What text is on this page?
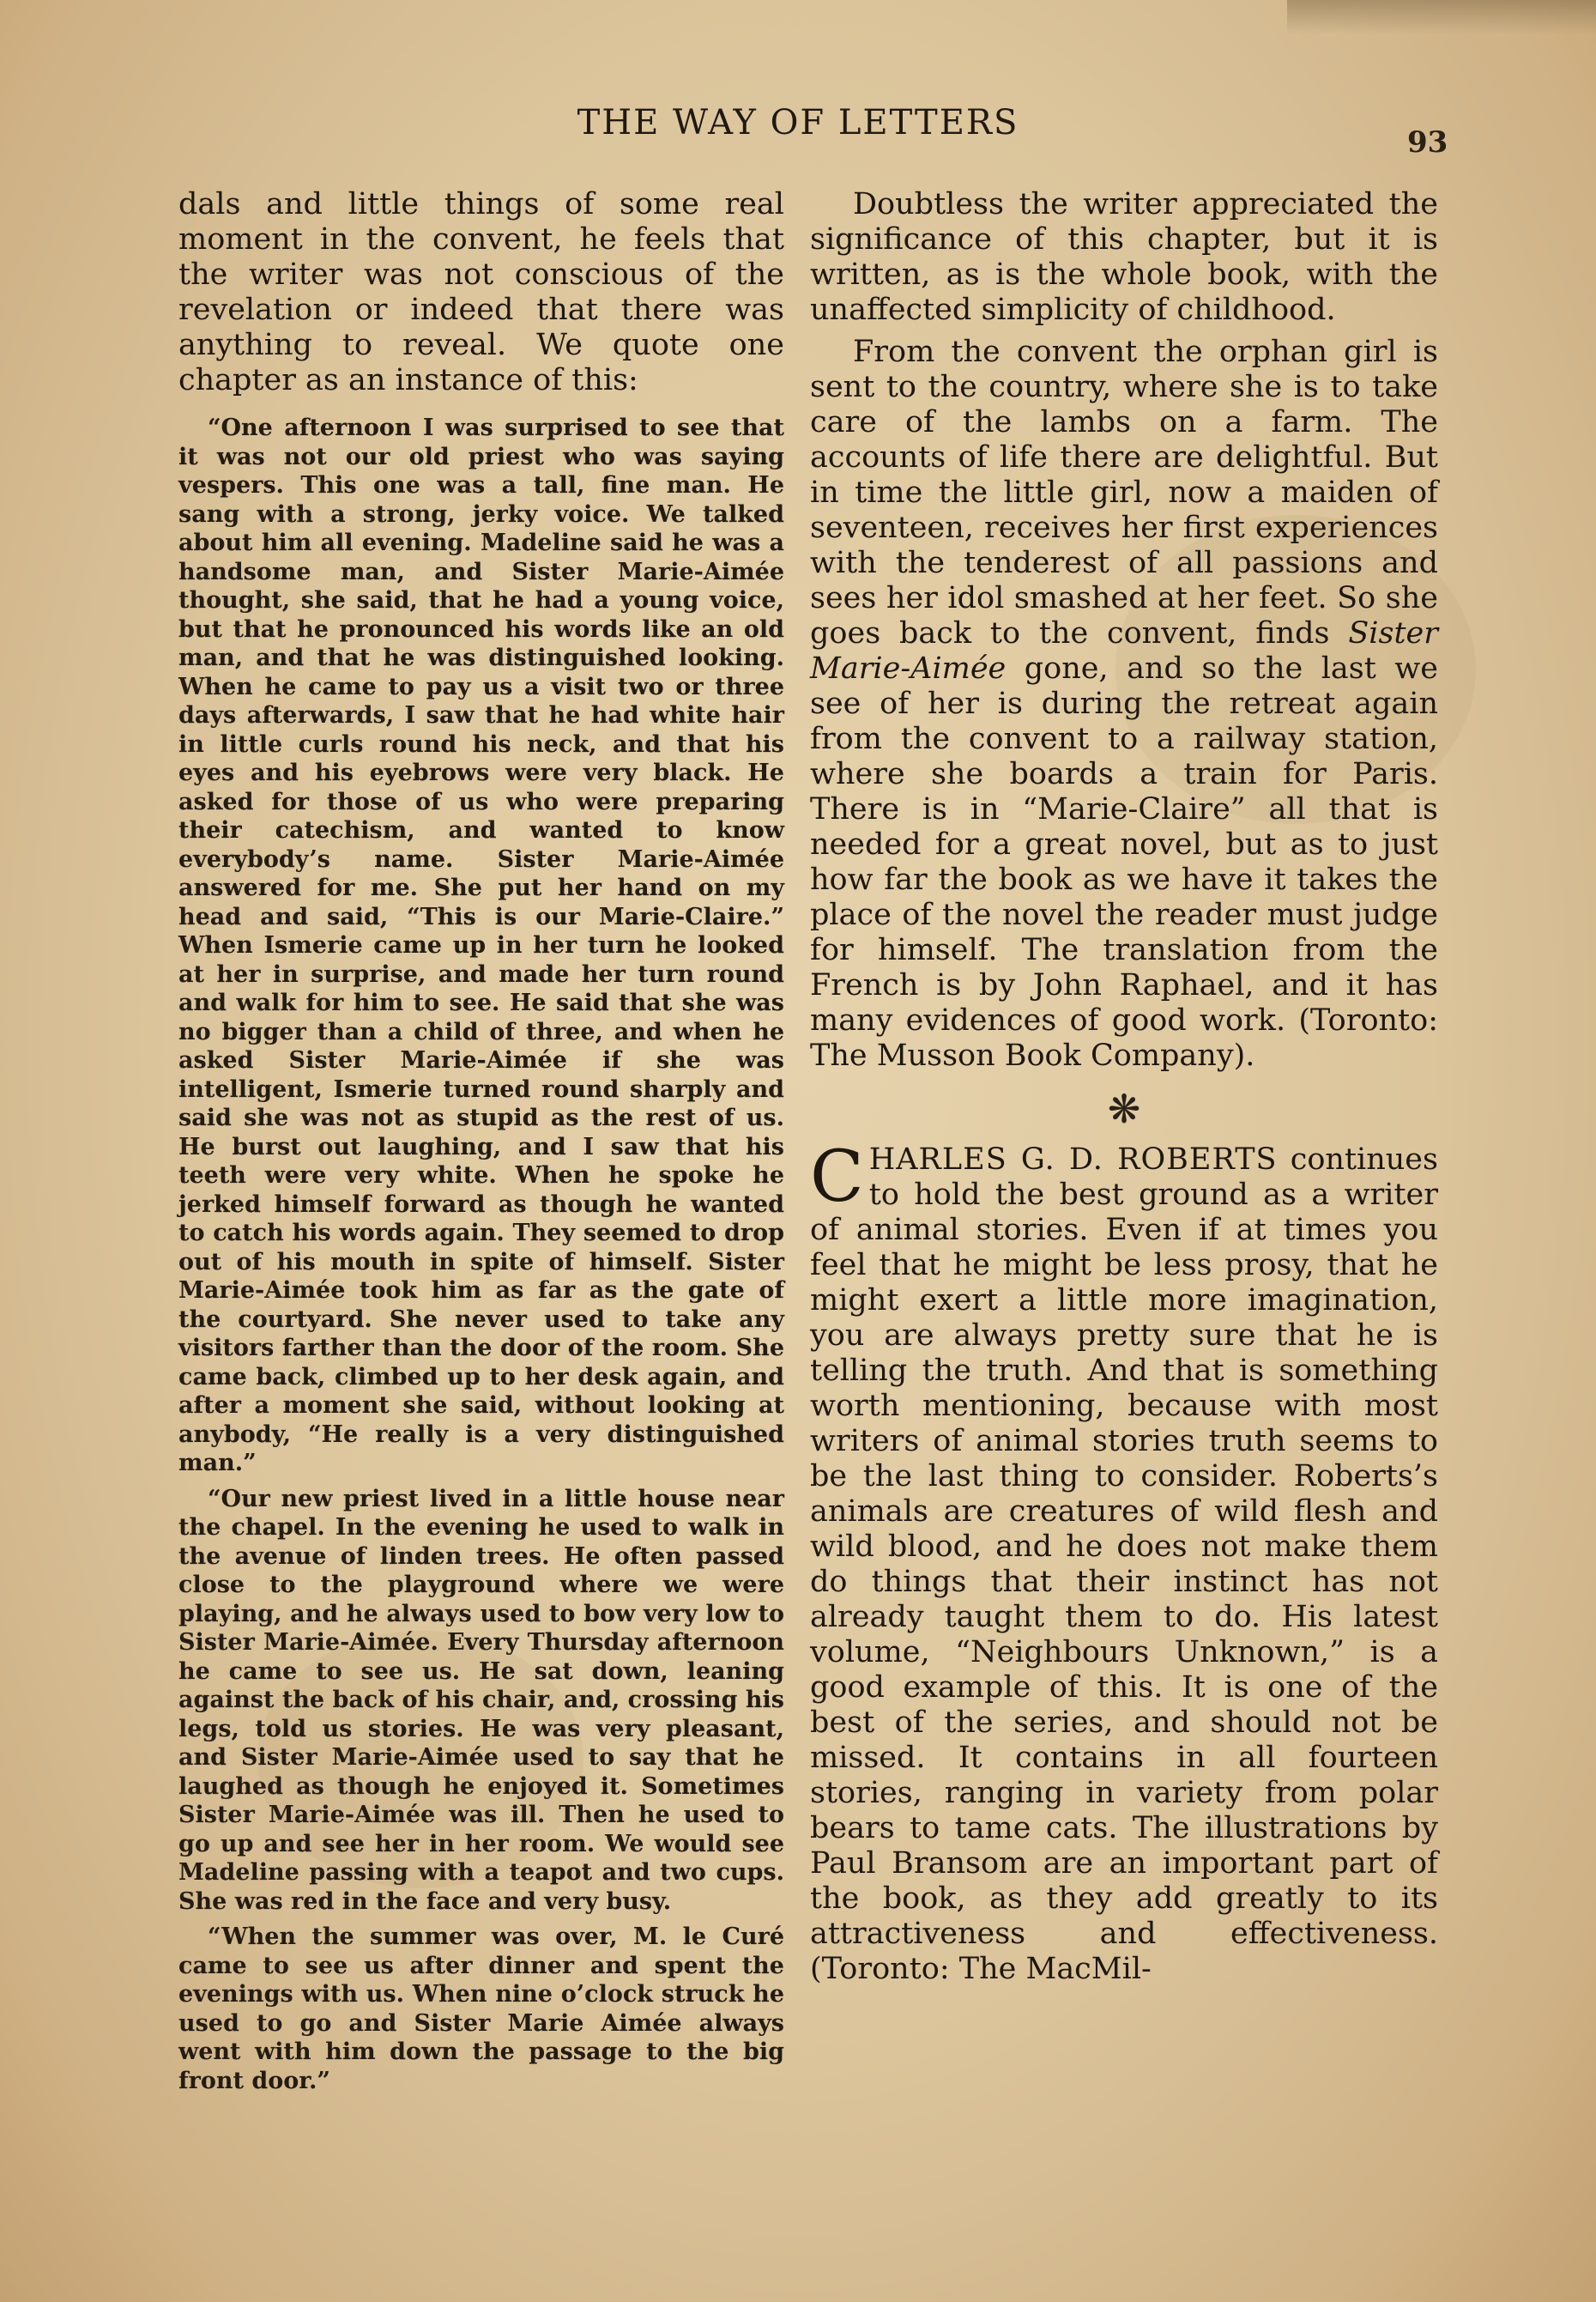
THE WAY OF LETTERS	93

dals and little things of some real moment in the convent, he feels that the writer was not conscious of the revelation or indeed that there was anything to reveal. We quote one chapter as an instance of this:

“One afternoon I was surprised to see that it was not our old priest who was saying vespers. This one was a tall, fine man. He sang with a strong, jerky voice. We talked about him all evening. Madeline said he was a handsome man, and Sister Marie-Aimée thought, she said, that he had a young voice, but that he pronounced his words like an old man, and that he was distinguished looking. When he came to pay us a visit two or three days afterwards, I saw that he had white hair in little curls round his neck, and that his eyes and his eyebrows were very black. He asked for those of us who were preparing their catechism, and wanted to know everybody’s name. Sister Marie-Aimée answered for me. She put her hand on my head and said, “This is our Marie-Claire.” When Ismerie came up in her turn he looked at her in surprise, and made her turn round and walk for him to see. He said that she was no bigger than a child of three, and when he asked Sister Marie-Aimée if she was intelligent, Ismerie turned round sharply and said she was not as stupid as the rest of us. He burst out laughing, and I saw that his teeth were very white. When he spoke he jerked himself forward as though he wanted to catch his words again. They seemed to drop out of his mouth in spite of himself. Sister Marie-Aimée took him as far as the gate of the courtyard. She never used to take any visitors farther than the door of the room. She came back, climbed up to her desk again, and after a moment she said, without looking at anybody, “He really is a very distinguished man.”

“Our new priest lived in a little house near the chapel. In the evening he used to walk in the avenue of linden trees. He often passed close to the playground where we were playing, and he always used to bow very low to Sister Marie-Aimée. Every Thursday afternoon he came to see us. He sat down, leaning against the back of his chair, and, crossing his legs, told us stories. He was very pleasant, and Sister Marie-Aimée used to say that he laughed as though he enjoyed it. Sometimes Sister Marie-Aimée was ill. Then he used to go up and see her in her room. We would see Madeline passing with a teapot and two cups. She was red in the face and very busy.

“When the summer was over, M. le Curé came to see us after dinner and spent the evenings with us. When nine o’clock struck he used to go and Sister Marie Aimée always went with him down the passage to the big front door.”

Doubtless the writer appreciated the significance of this chapter, but it is written, as is the whole book, with the unaffected simplicity of childhood.

From the convent the orphan girl is sent to the country, where she is to take care of the lambs on a farm. The accounts of life there are delightful. But in time the little girl, now a maiden of seventeen, receives her first experiences with the tenderest of all passions and sees her idol smashed at her feet. So she goes back to the convent, finds Sister Marie-Aimée gone, and so the last we see of her is during the retreat again from the convent to a railway station, where she boards a train for Paris. There is in “Marie-Claire” all that is needed for a great novel, but as to just how far the book as we have it takes the place of the novel the reader must judge for himself. The translation from the French is by John Raphael, and it has many evidences of good work. (Toronto: The Musson Book Company).

❋

C HARLES G. D. ROBERTS continues to hold the best ground as a writer of animal stories. Even if at times you feel that he might be less prosy, that he might exert a little more imagination, you are always pretty sure that he is telling the truth. And that is something worth mentioning, because with most writers of animal stories truth seems to be the last thing to consider. Roberts’s animals are creatures of wild flesh and wild blood, and he does not make them do things that their instinct has not already taught them to do. His latest volume, “Neighbours Unknown,” is a good example of this. It is one of the best of the series, and should not be missed. It contains in all fourteen stories, ranging in variety from polar bears to tame cats. The illustrations by Paul Bransom are an important part of the book, as they add greatly to its attractiveness and effectiveness. (Toronto: The MacMil-
